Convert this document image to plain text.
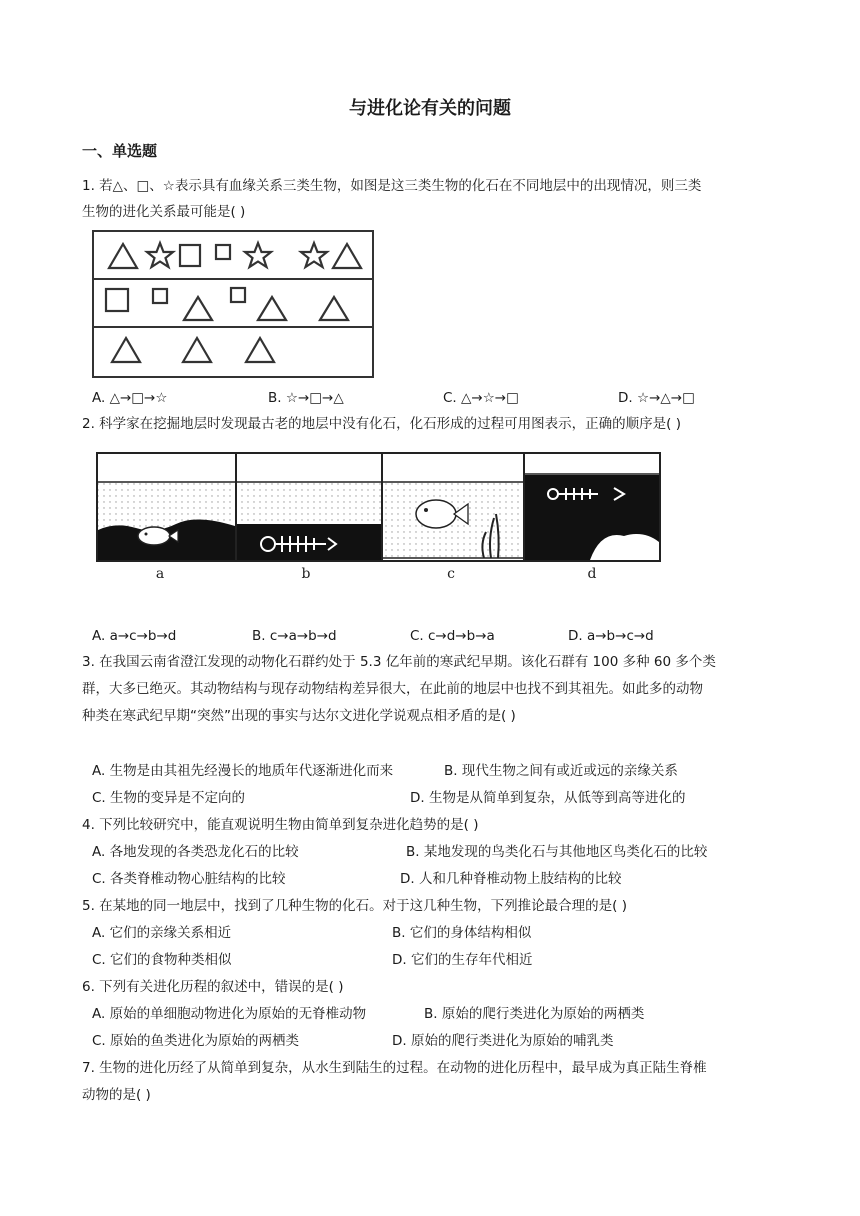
与进化论有关的问题
一、单选题
1. 若△、□、☆表示具有血缘关系三类生物，如图是这三类生物的化石在不同地层中的出现情况，则三类
生物的进化关系最可能是( )
A. △→□→☆	B. ☆→□→△	C. △→☆→□	D. ☆→△→□
2. 科学家在挖掘地层时发现最古老的地层中没有化石，化石形成的过程可用图表示，正确的顺序是( )
a	b	c	d
A. a→c→b→d	B. c→a→b→d	C. c→d→b→a	D. a→b→c→d
3. 在我国云南省澄江发现的动物化石群约处于 5.3 亿年前的寒武纪早期。该化石群有 100 多种 60 多个类
群，大多已绝灭。其动物结构与现存动物结构差异很大，在此前的地层中也找不到其祖先。如此多的动物
种类在寒武纪早期“突然”出现的事实与达尔文进化学说观点相矛盾的是( )
A. 生物是由其祖先经漫长的地质年代逐渐进化而来	B. 现代生物之间有或近或远的亲缘关系
C. 生物的变异是不定向的	D. 生物是从简单到复杂，从低等到高等进化的
4. 下列比较研究中，能直观说明生物由简单到复杂进化趋势的是( )
A. 各地发现的各类恐龙化石的比较	B. 某地发现的鸟类化石与其他地区鸟类化石的比较
C. 各类脊椎动物心脏结构的比较	D. 人和几种脊椎动物上肢结构的比较
5. 在某地的同一地层中，找到了几种生物的化石。对于这几种生物，下列推论最合理的是( )
A. 它们的亲缘关系相近	B. 它们的身体结构相似
C. 它们的食物种类相似	D. 它们的生存年代相近
6. 下列有关进化历程的叙述中，错误的是( )
A. 原始的单细胞动物进化为原始的无脊椎动物	B. 原始的爬行类进化为原始的两栖类
C. 原始的鱼类进化为原始的两栖类	D. 原始的爬行类进化为原始的哺乳类
7. 生物的进化历经了从简单到复杂，从水生到陆生的过程。在动物的进化历程中，最早成为真正陆生脊椎
动物的是( )
